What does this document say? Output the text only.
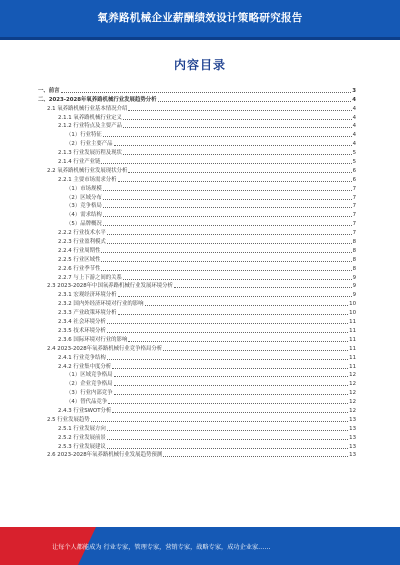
氧养路机械企业薪酬绩效设计策略研究报告
内容目录
一、前言	3
二、2023-2028年氧养路机械行业发展趋势分析	4
2.1 氧养路机械行业基本情况介绍	4
2.1.1 氧养路机械行业定义	4
2.1.2 行业特点及主要产品	4
（1）行业特征	4
（2）行业主要产品	4
2.1.3 行业发展历程及现状	5
2.1.4 行业产业链	5
2.2 氧养路机械行业发展现状分析	6
2.2.1 主要市场需求分析	6
（1）市场规模	7
（2）区域分布	7
（3）竞争格局	7
（4）需求结构	7
（5）品牌概况	7
2.2.2 行业技术水平	7
2.2.3 行业盈利模式	8
2.2.4 行业周期性	8
2.2.5 行业区域性	8
2.2.6 行业季节性	8
2.2.7 与上下游之间的关系	9
2.3 2023-2028年中国氧养路机械行业发展环境分析	9
2.3.1 宏观经济环境分析	9
2.3.2 国内外经济环境对行业的影响	10
2.3.3 产业政策环境分析	10
2.3.4 社会环境分析	11
2.3.5 技术环境分析	11
2.3.6 国际环境对行业的影响	11
2.4 2023-2028年氧养路机械行业竞争格局分析	11
2.4.1 行业竞争结构	11
2.4.2 行业集中度分析	11
（1）区域竞争格局	12
（2）企业竞争格局	12
（3）行业内部竞争	12
（4）替代品竞争	12
2.4.3 行业SWOT分析	12
2.5 行业发展趋势	13
2.5.1 行业发展方向	13
2.5.2 行业发展前景	13
2.5.3 行业发展建议	13
2.6 2023-2028年氧养路机械行业发展趋势预测	13
让每个人都能成为 行业专家，管理专家，营销专家，战略专家，成功企业家……
